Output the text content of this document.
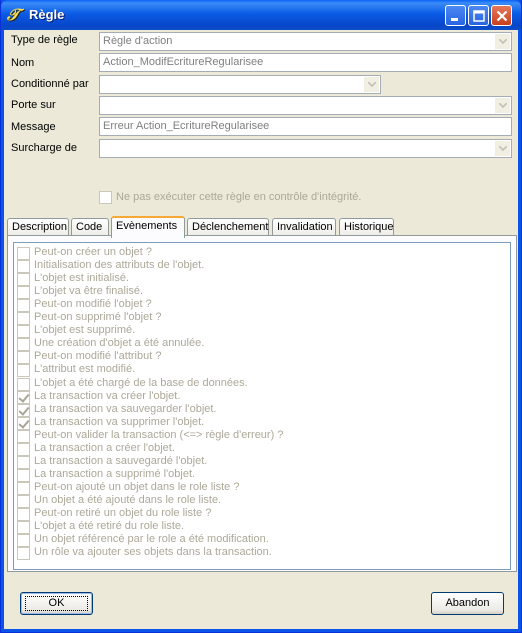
𝒯 Règle
Type de règle	Règle d'action
Nom	Action_ModifEcritureRegularisee
Conditionné par
Porte sur
Message	Erreur Action_EcritureRegularisee
Surcharge de
Ne pas exécuter cette règle en contrôle d'intégrité.
Description Code	Evènements	Déclenchement Invalidation	Historique
Peut-on créer un objet ?
Initialisation des attributs de l'objet.
L'objet est initialisé.
L'objet va être finalisé.
Peut-on modifié l'objet ?
Peut-on supprimé l'objet ?
L'objet est supprimé.
Une création d'objet a été annulée.
Peut-on modifié l'attribut ?
L'attribut est modifié.
L'objet a été chargé de la base de données.
La transaction va créer l'objet.
La transaction va sauvegarder l'objet.
La transaction va supprimer l'objet.
Peut-on valider la transaction (<=> règle d'erreur) ?
La transaction a créer l'objet.
La transaction a sauvegardé l'objet.
La transaction a supprimé l'objet.
Peut-on ajouté un objet dans le role liste ?
Un objet a été ajouté dans le role liste.
Peut-on retiré un objet du role liste ?
L'objet a été retiré du role liste.
Un objet référencé par le role a été modification.
Un rôle va ajouter ses objets dans la transaction.
OK	Abandon
